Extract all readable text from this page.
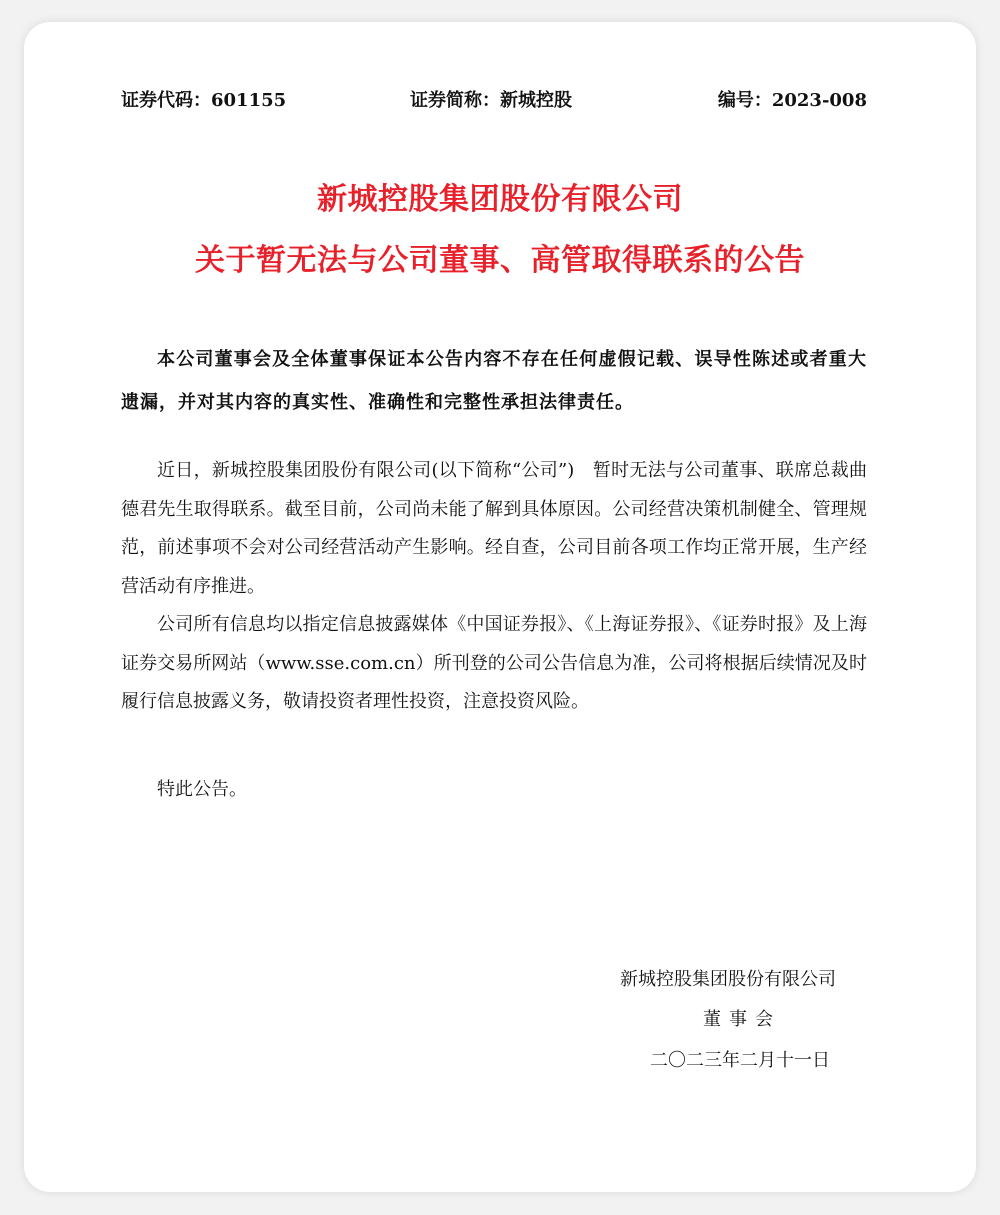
证券代码：601155	证券简称：新城控股	编号：2023-008
新城控股集团股份有限公司
关于暂无法与公司董事、高管取得联系的公告

本公司董事会及全体董事保证本公告内容不存在任何虚假记载、误导性陈述或者重大遗漏，并对其内容的真实性、准确性和完整性承担法律责任。

近日，新城控股集团股份有限公司(以下简称“公司”)　暂时无法与公司董事、联席总裁曲德君先生取得联系。截至目前，公司尚未能了解到具体原因。公司经营决策机制健全、管理规范，前述事项不会对公司经营活动产生影响。经自查，公司目前各项工作均正常开展，生产经营活动有序推进。

公司所有信息均以指定信息披露媒体《中国证券报》、《上海证券报》、《证券时报》及上海证券交易所网站（www.sse.com.cn）所刊登的公司公告信息为准，公司将根据后续情况及时履行信息披露义务，敬请投资者理性投资，注意投资风险。

特此公告。
新城控股集团股份有限公司
董事会
二〇二三年二月十一日
